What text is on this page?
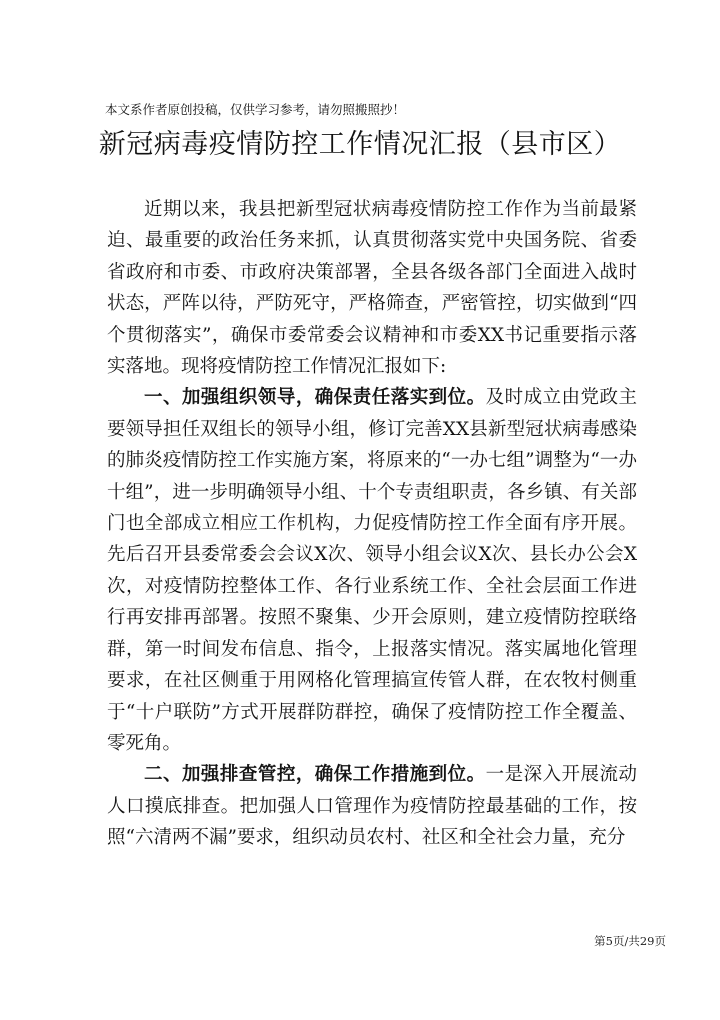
本文系作者原创投稿，仅供学习参考，请勿照搬照抄！
新冠病毒疫情防控工作情况汇报（县市区）

近期以来，我县把新型冠状病毒疫情防控工作作为当前最紧迫、最重要的政治任务来抓，认真贯彻落实党中央国务院、省委省政府和市委、市政府决策部署，全县各级各部门全面进入战时状态，严阵以待，严防死守，严格筛查，严密管控，切实做到“四个贯彻落实”，确保市委常委会议精神和市委XX书记重要指示落实落地。现将疫情防控工作情况汇报如下:

一、加强组织领导，确保责任落实到位。及时成立由党政主要领导担任双组长的领导小组，修订完善XX县新型冠状病毒感染的肺炎疫情防控工作实施方案，将原来的“一办七组”调整为“一办十组”，进一步明确领导小组、十个专责组职责，各乡镇、有关部门也全部成立相应工作机构，力促疫情防控工作全面有序开展。先后召开县委常委会会议X次、领导小组会议X次、县长办公会X次，对疫情防控整体工作、各行业系统工作、全社会层面工作进行再安排再部署。按照不聚集、少开会原则，建立疫情防控联络群，第一时间发布信息、指令，上报落实情况。落实属地化管理要求，在社区侧重于用网格化管理搞宣传管人群，在农牧村侧重于“十户联防”方式开展群防群控，确保了疫情防控工作全覆盖、零死角。

二、加强排查管控，确保工作措施到位。一是深入开展流动人口摸底排查。把加强人口管理作为疫情防控最基础的工作，按照“六清两不漏”要求，组织动员农村、社区和全社会力量，充分

第5页/共29页
